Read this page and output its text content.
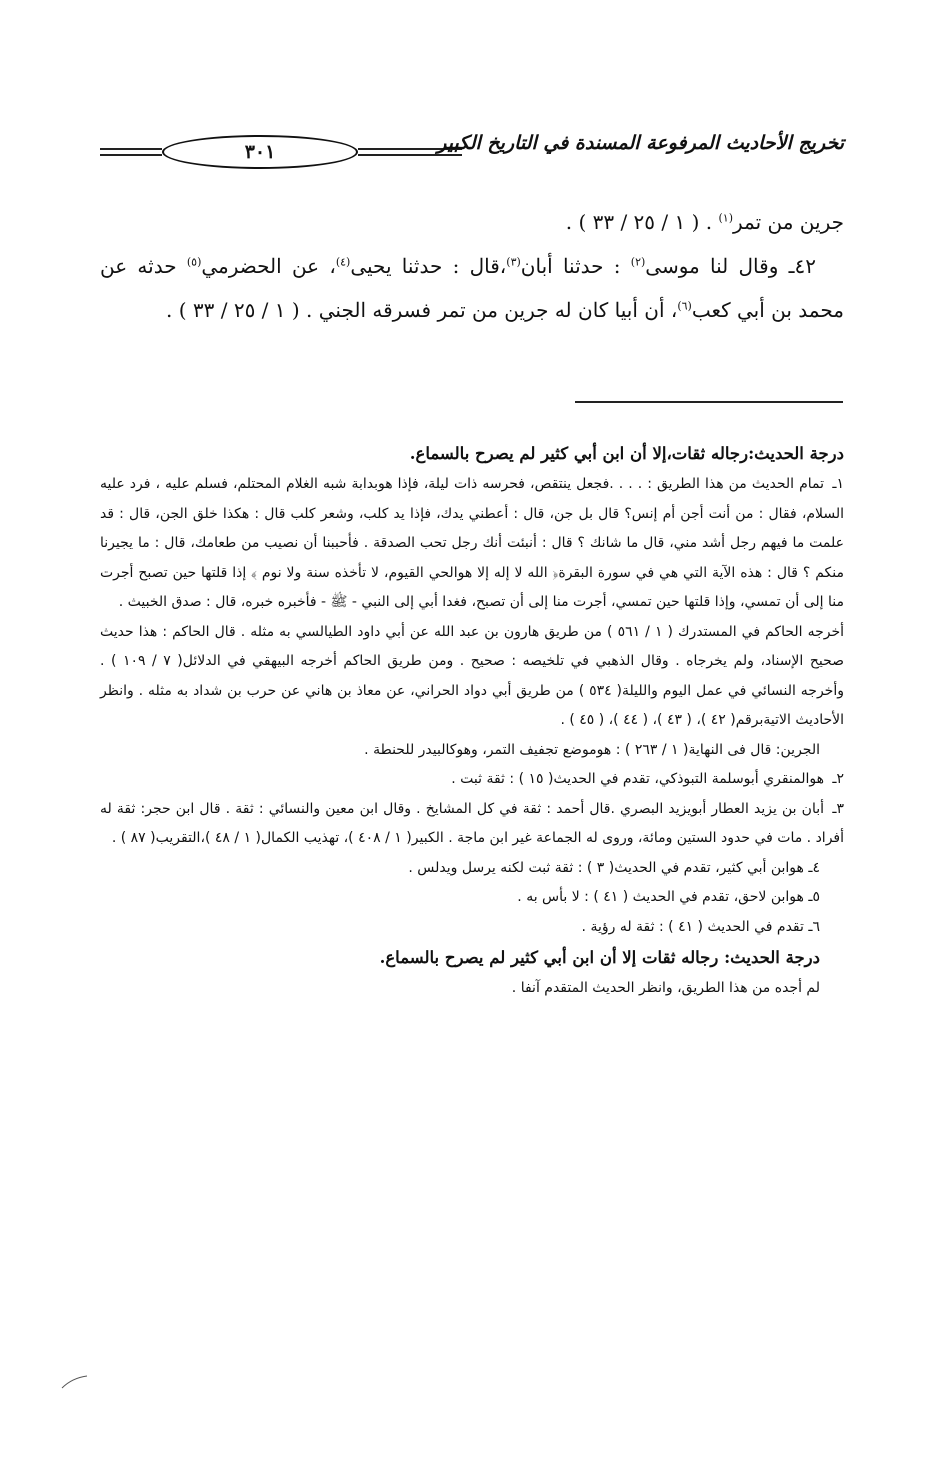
٣٠١	تخريج الأحاديث المرفوعة المسندة في التاريخ الكبير

جرين من تمر$^{(١)}$ . ( ١ / ٢٥ / ٣٣ ) .

٤٢ـ وقال لنا موسى$^{(٢)}$ : حدثنا أبان$^{(٣)}$،قال : حدثنا يحيى$^{(٤)}$، عن الحضرمي$^{(٥)}$ حدثه عن محمد بن أبي كعب$^{(٦)}$، أن أبيا كان له جرين من تمر فسرقه الجني . ( ١ / ٢٥ / ٣٣ ) .

درجة الحديث:رجاله ثقات،إلا أن ابن أبي كثير لم يصرح بالسماع.

١ـتمام الحديث من هذا الطريق : . . . .فجعل ينتقص، فحرسه ذات ليلة، فإذا هوبدابة شبه الغلام المحتلم، فسلم عليه ، فرد عليه السلام، فقال : من أنت أجن أم إنس؟ قال بل جن، قال : أعطني يدك، فإذا يد كلب، وشعر كلب قال : هكذا خلق الجن، قال : قد علمت ما فيهم رجل أشد مني، قال ما شانك ؟ قال : أنبئت أنك رجل تحب الصدقة . فأحببنا أن نصيب من طعامك، قال : ما يجيرنا منكم ؟ قال : هذه الآية التي هي في سورة البقرة﴿ الله لا إله إلا هوالحي القيوم، لا تأخذه سنة ولا نوم ﴾ إذا قلتها حين تصبح أجرت منا إلى أن تمسي، وإذا قلتها حين تمسي، أجرت منا إلى أن تصبح، فغدا أبي إلى النبي - ﷺ - فأخبره خبره، قال : صدق الخبيث .

أخرجه الحاكم في المستدرك ( ١ / ٥٦١ ) من طريق هارون بن عبد الله عن أبي داود الطيالسي به مثله . قال الحاكم : هذا حديث صحيح الإسناد، ولم يخرجاه . وقال الذهبي في تلخيصه : صحيح . ومن طريق الحاكم أخرجه البيهقي في الدلائل( ٧ / ١٠٩ ) . وأخرجه النسائي في عمل اليوم والليلة( ٥٣٤ ) من طريق أبي دواد الحراني، عن معاذ بن هاني عن حرب بن شداد به مثله . وانظر الأحاديث الاتيةبرقم( ٤٢ )، ( ٤٣ )، ( ٤٤ )، ( ٤٥ ) .

الجرين: قال فى النهاية( ١ / ٢٦٣ ) : هوموضع تجفيف التمر، وهوكالبيدر للحنطة .

٢ـهوالمنقري أبوسلمة التبوذكي، تقدم في الحديث( ١٥ ) : ثقة ثبت .

٣ـأبان بن يزيد العطار أبويزيد البصري .قال أحمد : ثقة في كل المشايخ . وقال ابن معين والنسائي : ثقة . قال ابن حجر: ثقة له أفراد . مات في حدود الستين ومائة، وروى له الجماعة غير ابن ماجة . الكبير( ١ / ٤٠٨ )، تهذيب الكمال( ١ / ٤٨ )،التقريب( ٨٧ ) .

٤ـ هوابن أبي كثير، تقدم في الحديث( ٣ ) : ثقة ثبت لكنه يرسل ويدلس .

٥ـ هوابن لاحق، تقدم في الحديث ( ٤١ ) : لا بأس به .

٦ـ تقدم في الحديث ( ٤١ ) : ثقة له رؤية .

درجة الحديث: رجاله ثقات إلا أن ابن أبي كثير لم يصرح بالسماع.

لم أجده من هذا الطريق، وانظر الحديث المتقدم آنفا .
